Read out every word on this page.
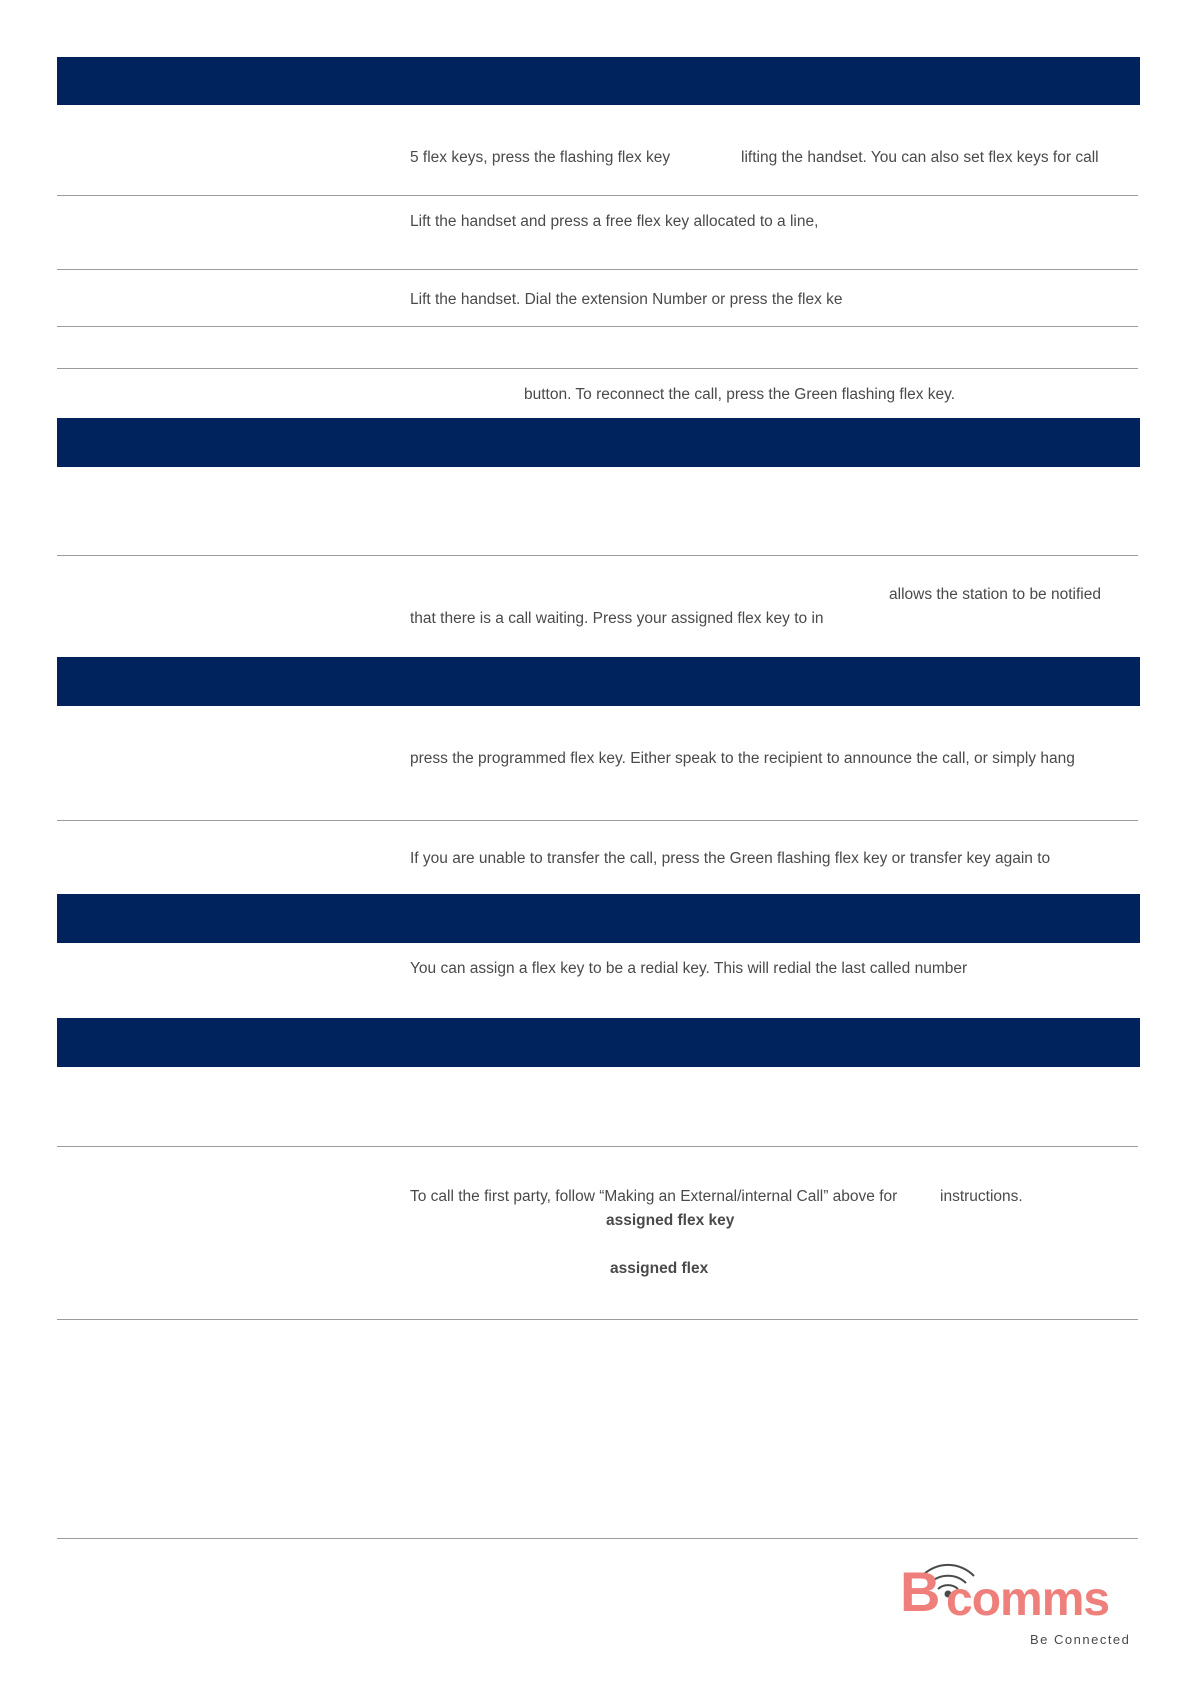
5 flex keys, press the flashing flex key	lifting the handset. You can also set flex keys for call
Lift the handset and press a free flex key allocated to a line,
Lift the handset. Dial the extension Number or press the flex ke
button. To reconnect the call, press the Green flashing flex key.
allows the station to be notified
that there is a call waiting. Press your assigned flex key to in
press the programmed flex key. Either speak to the recipient to announce the call, or simply hang
If you are unable to transfer the call, press the Green flashing flex key or transfer key again to
You can assign a flex key to be a redial key. This will redial the last called number
To call the first party, follow “Making an External/internal Call” above for	instructions.
assigned flex key
assigned flex
B comms
Be Connected
